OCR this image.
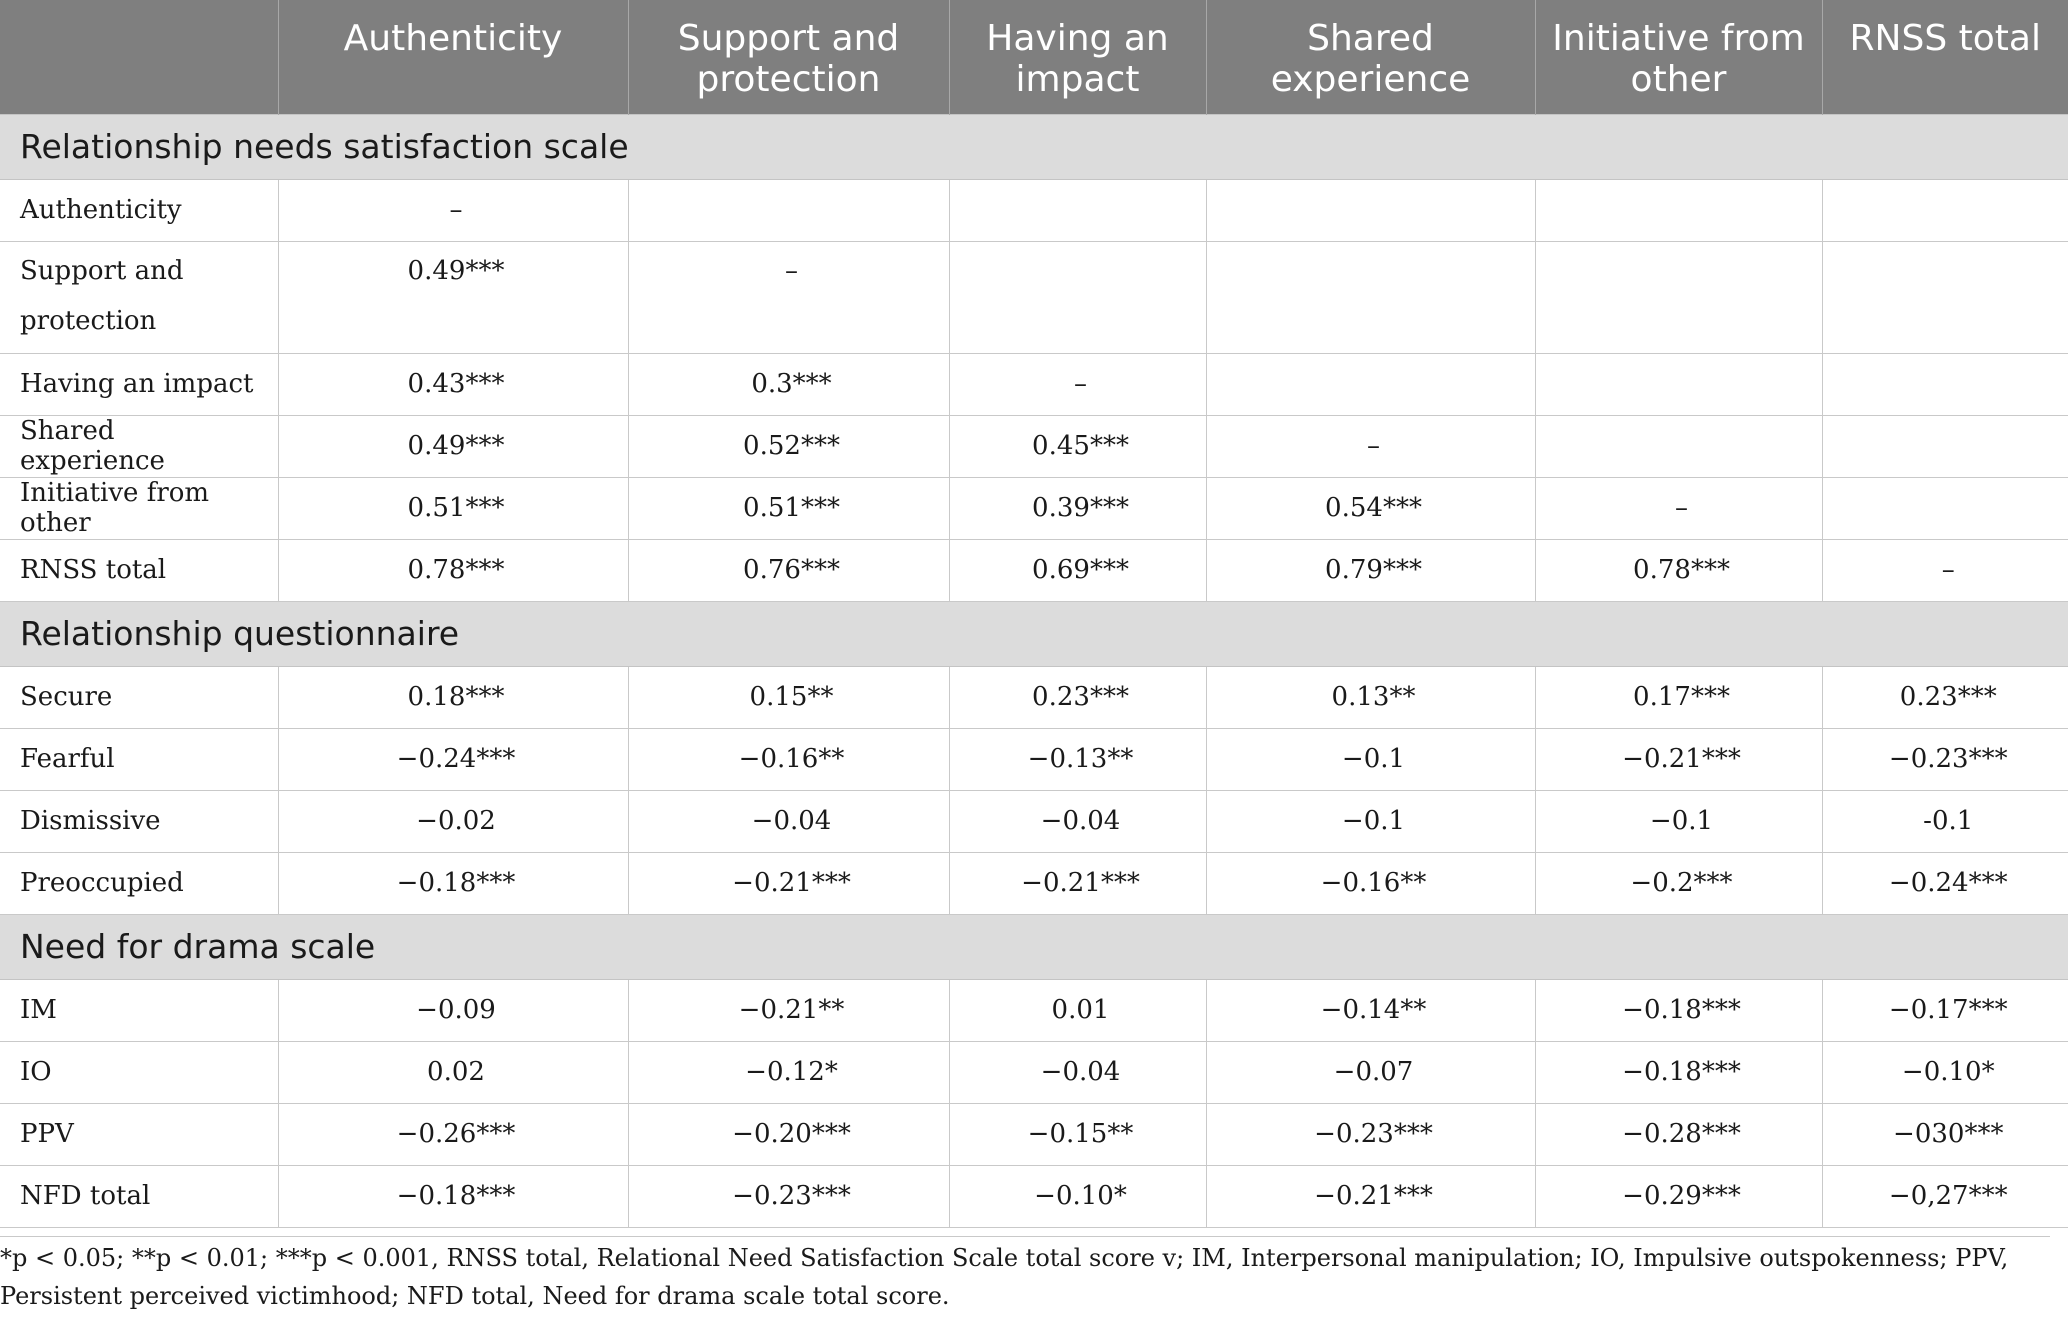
	Authenticity	Support and protection	Having an impact	Shared experience	Initiative from other	RNSS total
Relationship needs satisfaction scale						
Authenticity	–					
Support and protection	0.49***	–				
Having an impact	0.43***	0.3***	–			
Shared experience	0.49***	0.52***	0.45***	–		
Initiative from other	0.51***	0.51***	0.39***	0.54***	–	
RNSS total	0.78***	0.76***	0.69***	0.79***	0.78***	–
Relationship questionnaire						
Secure	0.18***	0.15**	0.23***	0.13**	0.17***	0.23***
Fearful	−0.24***	−0.16**	−0.13**	−0.1	−0.21***	−0.23***
Dismissive	−0.02	−0.04	−0.04	−0.1	−0.1	-0.1
Preoccupied	−0.18***	−0.21***	−0.21***	−0.16**	−0.2***	−0.24***
Need for drama scale						
IM	−0.09	−0.21**	0.01	−0.14**	−0.18***	−0.17***
IO	0.02	−0.12*	−0.04	−0.07	−0.18***	−0.10*
PPV	−0.26***	−0.20***	−0.15**	−0.23***	−0.28***	−030***
NFD total	−0.18***	−0.23***	−0.10*	−0.21***	−0.29***	−0,27***
*p < 0.05; **p < 0.01; ***p < 0.001, RNSS total, Relational Need Satisfaction Scale total score v; IM, Interpersonal manipulation; IO, Impulsive outspokenness; PPV, Persistent perceived victimhood; NFD total, Need for drama scale total score.
